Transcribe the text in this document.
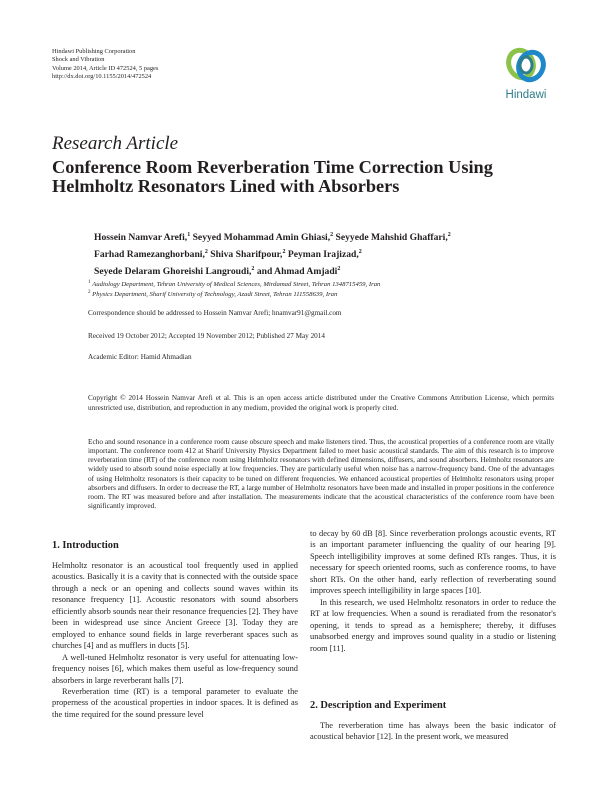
Hindawi Publishing Corporation
Shock and Vibration
Volume 2014, Article ID 472524, 5 pages
http://dx.doi.org/10.1155/2014/472524
Hindawi
Research Article
Conference Room Reverberation Time Correction Using
Helmholtz Resonators Lined with Absorbers
Hossein Namvar Arefi,$^1$ Seyyed Mohammad Amin Ghiasi,$^2$ Seyyede Mahshid Ghaffari,$^2$
Farhad Ramezanghorbani,$^2$ Shiva Sharifpour,$^2$ Peyman Irajizad,$^2$
Seyede Delaram Ghoreishi Langroudi,$^2$ and Ahmad Amjadi$^2$
$^1$ Audiology Department, Tehran University of Medical Sciences, Mirdamad Street, Tehran 1348715459, Iran
$^2$ Physics Department, Sharif University of Technology, Azadi Street, Tehran 111558639, Iran
Correspondence should be addressed to Hossein Namvar Arefi; hnamvar91@gmail.com
Received 19 October 2012; Accepted 19 November 2012; Published 27 May 2014
Academic Editor: Hamid Ahmadian
Copyright © 2014 Hossein Namvar Arefi et al. This is an open access article distributed under the Creative Commons Attribution License, which permits unrestricted use, distribution, and reproduction in any medium, provided the original work is properly cited.
Echo and sound resonance in a conference room cause obscure speech and make listeners tired. Thus, the acoustical properties of a conference room are vitally important. The conference room 412 at Sharif University Physics Department failed to meet basic acoustical standards. The aim of this research is to improve reverberation time (RT) of the conference room using Helmholtz resonators with defined dimensions, diffusers, and sound absorbers. Helmholtz resonators are widely used to absorb sound noise especially at low frequencies. They are particularly useful when noise has a narrow-frequency band. One of the advantages of using Helmholtz resonators is their capacity to be tuned on different frequencies. We enhanced acoustical properties of Helmholtz resonators using proper absorbers and diffusers. In order to decrease the RT, a large number of Helmholtz resonators have been made and installed in proper positions in the conference room. The RT was measured before and after installation. The measurements indicate that the acoustical characteristics of the conference room have been significantly improved.
1. Introduction

Helmholtz resonator is an acoustical tool frequently used in applied acoustics. Basically it is a cavity that is connected with the outside space through a neck or an opening and collects sound waves within its resonance frequency [1]. Acoustic resonators with sound absorbers efficiently absorb sounds near their resonance frequencies [2]. They have been in widespread use since Ancient Greece [3]. Today they are employed to enhance sound fields in large reverberant spaces such as churches [4] and as mufflers in ducts [5].

A well-tuned Helmholtz resonator is very useful for attenuating low-frequency noises [6], which makes them useful as low-frequency sound absorbers in large reverberant halls [7].

Reverberation time (RT) is a temporal parameter to evaluate the properness of the acoustical properties in indoor spaces. It is defined as the time required for the sound pressure level

to decay by 60 dB [8]. Since reverberation prolongs acoustic events, RT is an important parameter influencing the quality of our hearing [9]. Speech intelligibility improves at some defined RTs ranges. Thus, it is necessary for speech oriented rooms, such as conference rooms, to have short RTs. On the other hand, early reflection of reverberating sound improves speech intelligibility in large spaces [10].

In this research, we used Helmholtz resonators in order to reduce the RT at low frequencies. When a sound is reradiated from the resonator's opening, it tends to spread as a hemisphere; thereby, it diffuses unabsorbed energy and improves sound quality in a studio or listening room [11].

2. Description and Experiment

The reverberation time has always been the basic indicator of acoustical behavior [12]. In the present work, we measured
